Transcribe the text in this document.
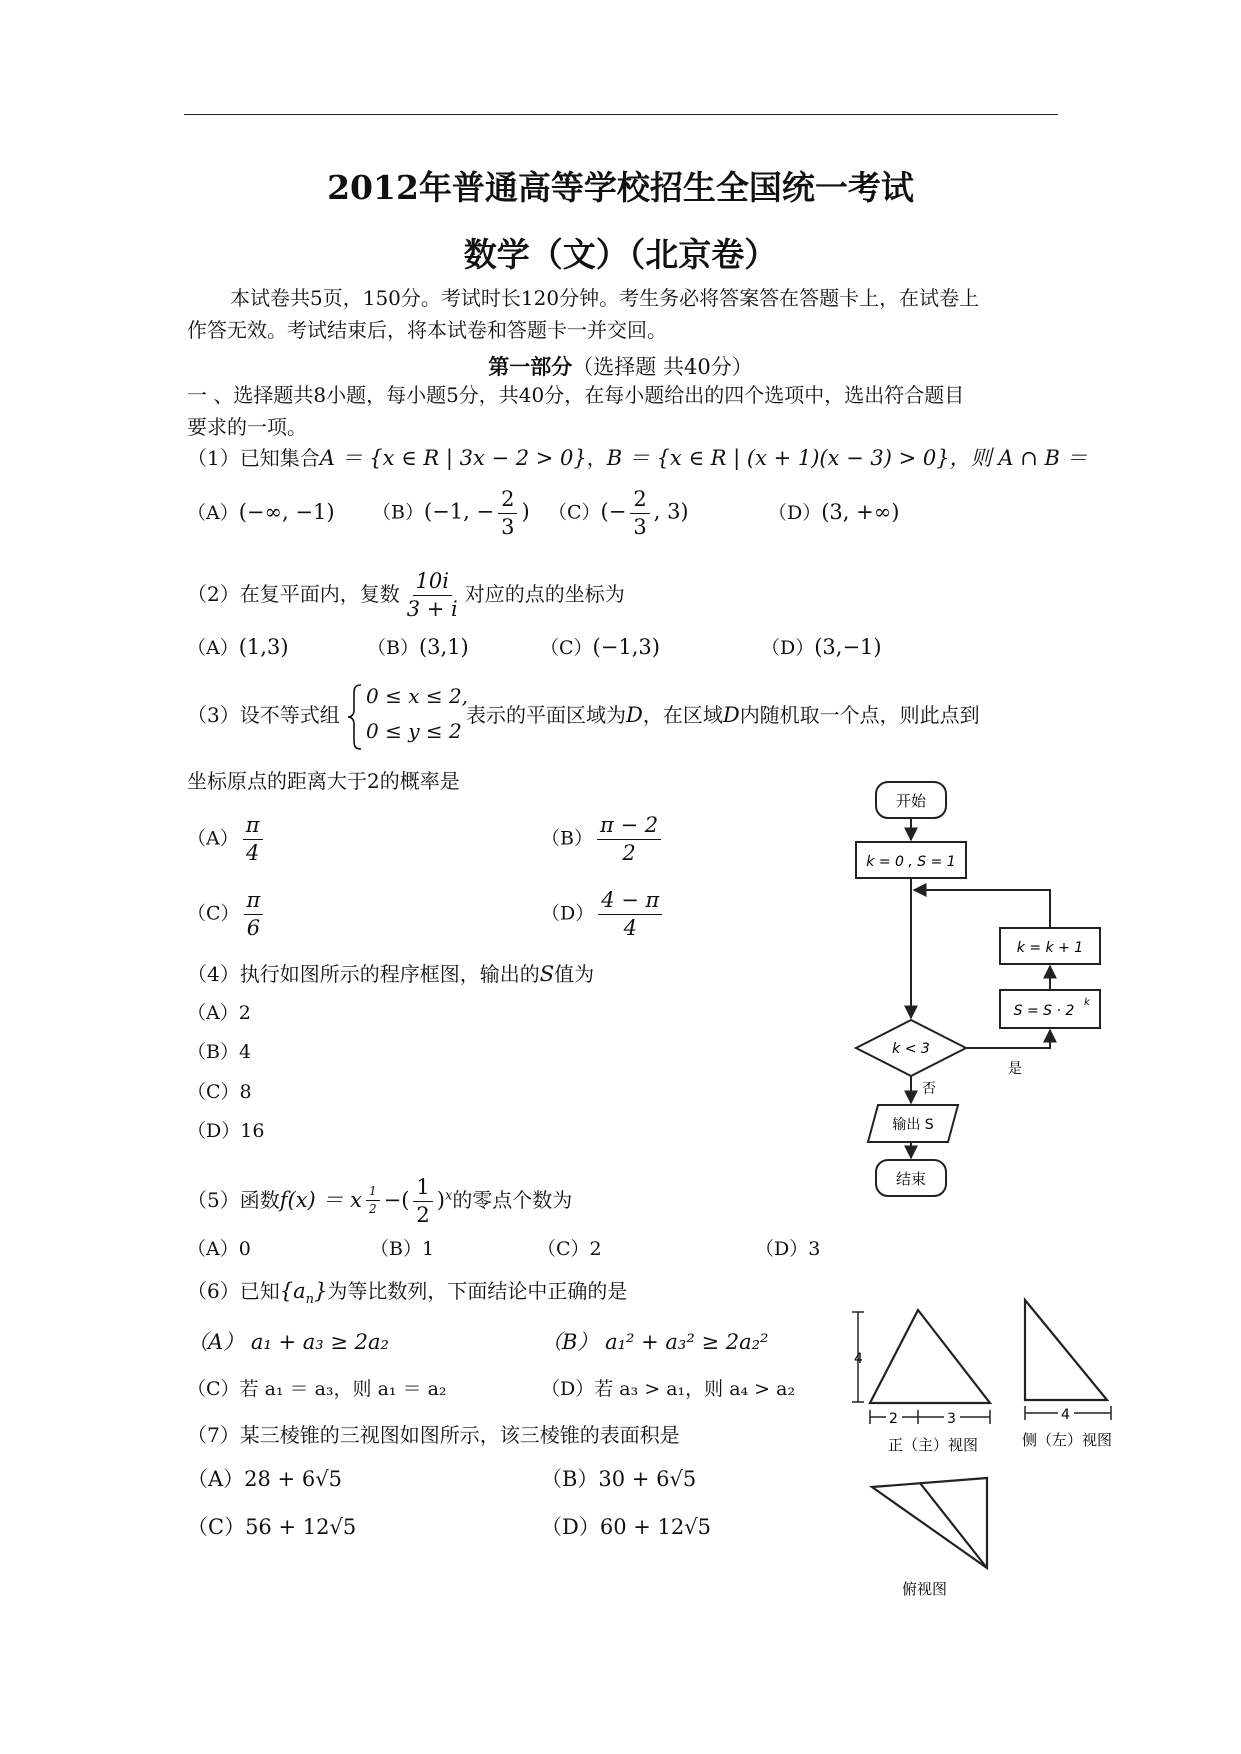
2012年普通高等学校招生全国统一考试
数学（文）（北京卷）
本试卷共5页，150分。考试时长120分钟。考生务必将答案答在答题卡上，在试卷上
作答无效。考试结束后，将本试卷和答题卡一并交回。
第一部分（选择题 共40分）
一 、选择题共8小题，每小题5分，共40分，在每小题给出的四个选项中，选出符合题目
要求的一项。
（1）已知集合A ＝ {x ∈ R | 3x − 2 > 0}，B ＝ {x ∈ R | (x + 1)(x − 3) > 0}，则 A ∩ B ＝
（A）(−∞, −1) （B）(−1, − $\frac{2}{3}$ ) $(C)(- \frac{2}{3}$ , 3)	（D）(3, +∞)
（2）在复平面内，复数 $\frac{10i}{3 + i}$ 对应的点的坐标为
（A）(1,3)	（B）(3,1)	（C）(−1,3)	（D）(3,−1)
（3）设不等式组
0 ≤ x ≤ 2,
0 ≤ y ≤ 2
表示的平面区域为D，在区域D内随机取一个点，则此点到
坐标原点的距离大于2的概率是
$(A) \frac{\pi}{4}$	$(B) \frac{\pi - 2}{2}$
$(C) \frac{\pi}{6}$	$(D) \frac{4 - \pi}{4}$
（4）执行如图所示的程序框图，输出的S值为
（A）2
（B）4
（C）8
（D）16
开始
k = 0 , S = 1
k = k + 1
S = S · 2
k
k < 3
是
否
输出 S
结束
（5）函数f(x) ＝ x $\frac{1}{2}$ −( $\frac{1}{2} )^x$的零点个数为
（A）0	（B）1	（C）2	（D）3
（6）已知$\{a_n\}$为等比数列，下面结论中正确的是
（A） a₁ + a₃ ≥ 2a₂	（B） a₁² + a₃² ≥ 2a₂²
（C）若 a₁ ＝ a₃，则 a₁ ＝ a₂	（D）若 a₃ > a₁，则 a₄ > a₂
（7）某三棱锥的三视图如图所示，该三棱锥的表面积是
（A）28 + 6√5	（B）30 + 6√5
（C）56 + 12√5	（D）60 + 12√5
4
2	3
正（主）视图
4
侧（左）视图
俯视图
